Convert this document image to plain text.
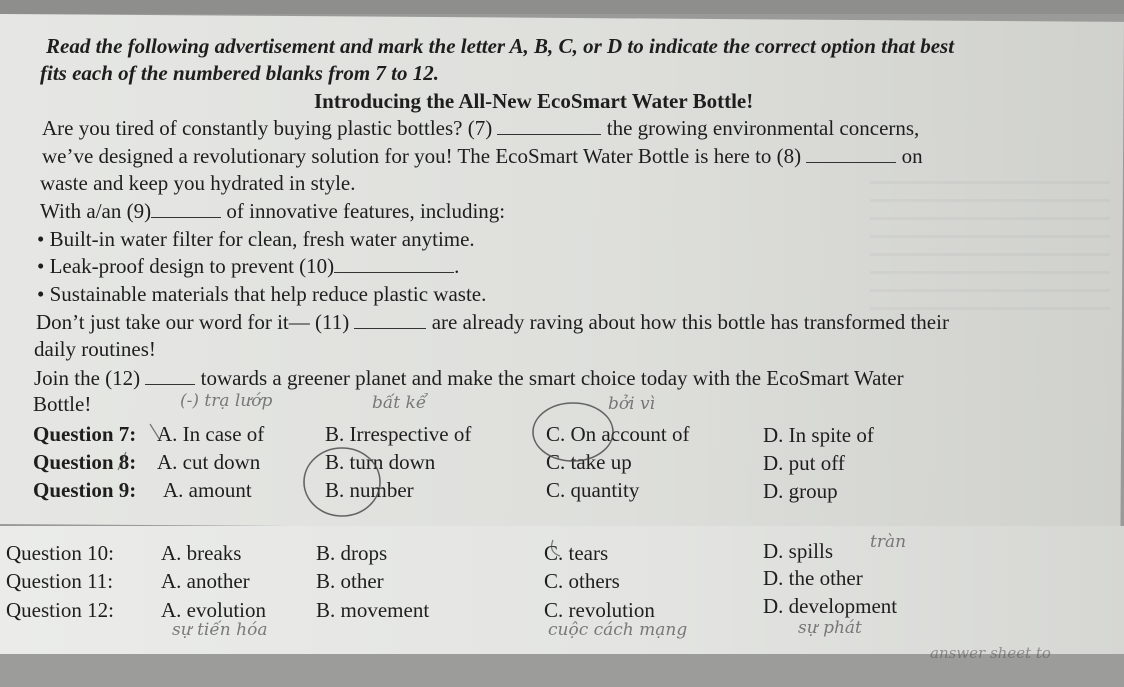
Read the following advertisement and mark the letter A, B, C, or D to indicate the correct option that best
fits each of the numbered blanks from 7 to 12.
Introducing the All-New EcoSmart Water Bottle!
Are you tired of constantly buying plastic bottles? (7)	the growing environmental concerns,
we’ve designed a revolutionary solution for you! The EcoSmart Water Bottle is here to (8)	on
waste and keep you hydrated in style.
With a/an (9)	of innovative features, including:
• Built-in water filter for clean, fresh water anytime.
• Leak-proof design to prevent (10)	.
• Sustainable materials that help reduce plastic waste.
Don’t just take our word for it— (11)	are already raving about how this bottle has transformed their
daily routines!
Join the (12)	towards a greener planet and make the smart choice today with the EcoSmart Water
Bottle!
Question 7: A. In case of	B. Irrespective of	C. On account of	D. In spite of
Question 8: A. cut down	B. turn down	C. take up	D. put off
Question 9: A. amount	B. number	C. quantity	D. group
Question 10: A. breaks	B. drops	C. tears	D. spills
Question 11: A. another	B. other	C. others	D. the other
Question 12: A. evolution B. movement	C. revolution	D. development
(-) trạ lướp	bất kể	bởi vì
tràn
sự tiến hóa	cuộc cách mạng	sự phát
answer sheet to
